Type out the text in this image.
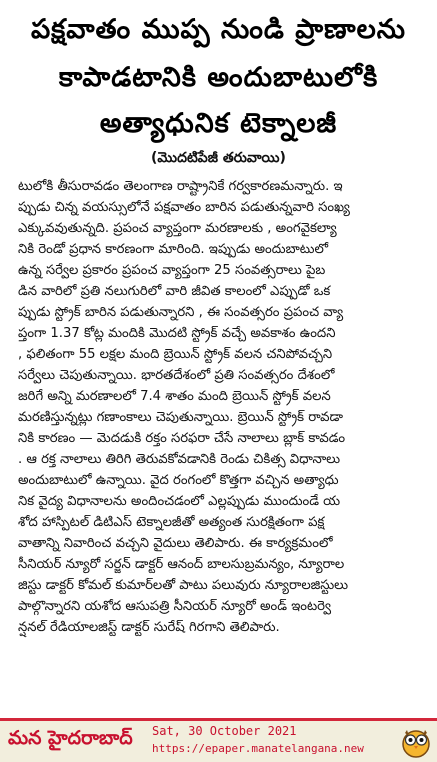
పక్షవాతం ముప్ప నుండి ప్రాణాలను
కాపాడటానికి అందుబాటులోకి
అత్యాధునిక టెక్నాలజీ
(మొదటిపేజీ తరువాయి)
టులోకి తీసురావడం తెలంగాణ రాష్ట్రానికే గర్వకారణమన్నారు. ఇ
ప్పుడు చిన్న వయస్సులోనే పక్షవాతం బారిన పడుతున్నవారి సంఖ్య
ఎక్కువవుతున్నది. ప్రపంచ వ్యాప్తంగా మరణాలకు , అంగవైకల్యా
నికి రెండో ప్రధాన కారణంగా మారింది. ఇప్పుడు అందుబాటులో
ఉన్న సర్వేల ప్రకారం ప్రపంచ వ్యాప్తంగా 25 సంవత్సరాలు పైబ
డిన వారిలో ప్రతి నలుగురిలో వారి జీవిత కాలంలో ఎప్పుడో ఒక
ప్పుడు స్ట్రోక్ బారిన పడుతున్నారని , ఈ సంవత్సరం ప్రపంచ వ్యా
ప్తంగా 1.37 కోట్ల మందికి మొదటి స్ట్రోక్ వచ్చే అవకాశం ఉందని
, ఫలితంగా 55 లక్షల మంది బ్రెయిన్ స్ట్రోక్ వలన చనిపోవచ్చని
సర్వేలు చెపుతున్నాయి. భారతదేశంలో ప్రతి సంవత్సరం దేశంలో
జరిగే అన్ని మరణాలలో 7.4 శాతం మంది బ్రెయిన్ స్ట్రోక్ వలన
మరణిస్తున్నట్లు గణాంకాలు చెపుతున్నాయి. బ్రెయిన్ స్ట్రోక్ రావడా
నికి కారణం — మెదడుకి రక్తం సరఫరా చేసే నాలాలు బ్లాక్ కావడం
. ఆ రక్త నాలాలు తిరిగి తెరువకోవడానికి రెండు చికిత్స విధానాలు
అందుబాటులో ఉన్నాయి. వైద రంగంలో కొత్తగా వచ్చిన అత్యాధు
నిక వైద్య విధానాలను అందించడంలో ఎల్లప్పుడు ముందుండే య
శోద హాస్పిటల్ డిటిఎస్ టెక్నాలజీతో అత్యంత సురక్షితంగా పక్ష
వాతాన్ని నివారించ వచ్చని వైదులు తెలిపారు. ఈ కార్యక్రమంలో
సీనియర్ న్యూరో సర్జన్ డాక్టర్ ఆనంద్ బాలసుబ్రమన్యం, న్యూరాల
జిస్టు డాక్టర్ కోమల్ కుమార్‌లతో పాటు పలువురు న్యూరాలజిస్టులు
పాల్గొన్నారని యశోద ఆసుపత్రి సీనియర్ న్యూరో అండ్ ఇంటర్వె
న్షనల్ రేడియాలజిస్ట్ డాక్టర్ సురేష్ గిరగాని తెలిపారు.
మన హైదరాబాద్ Sat, 30 October 2021
https://epaper.manatelangana.new
